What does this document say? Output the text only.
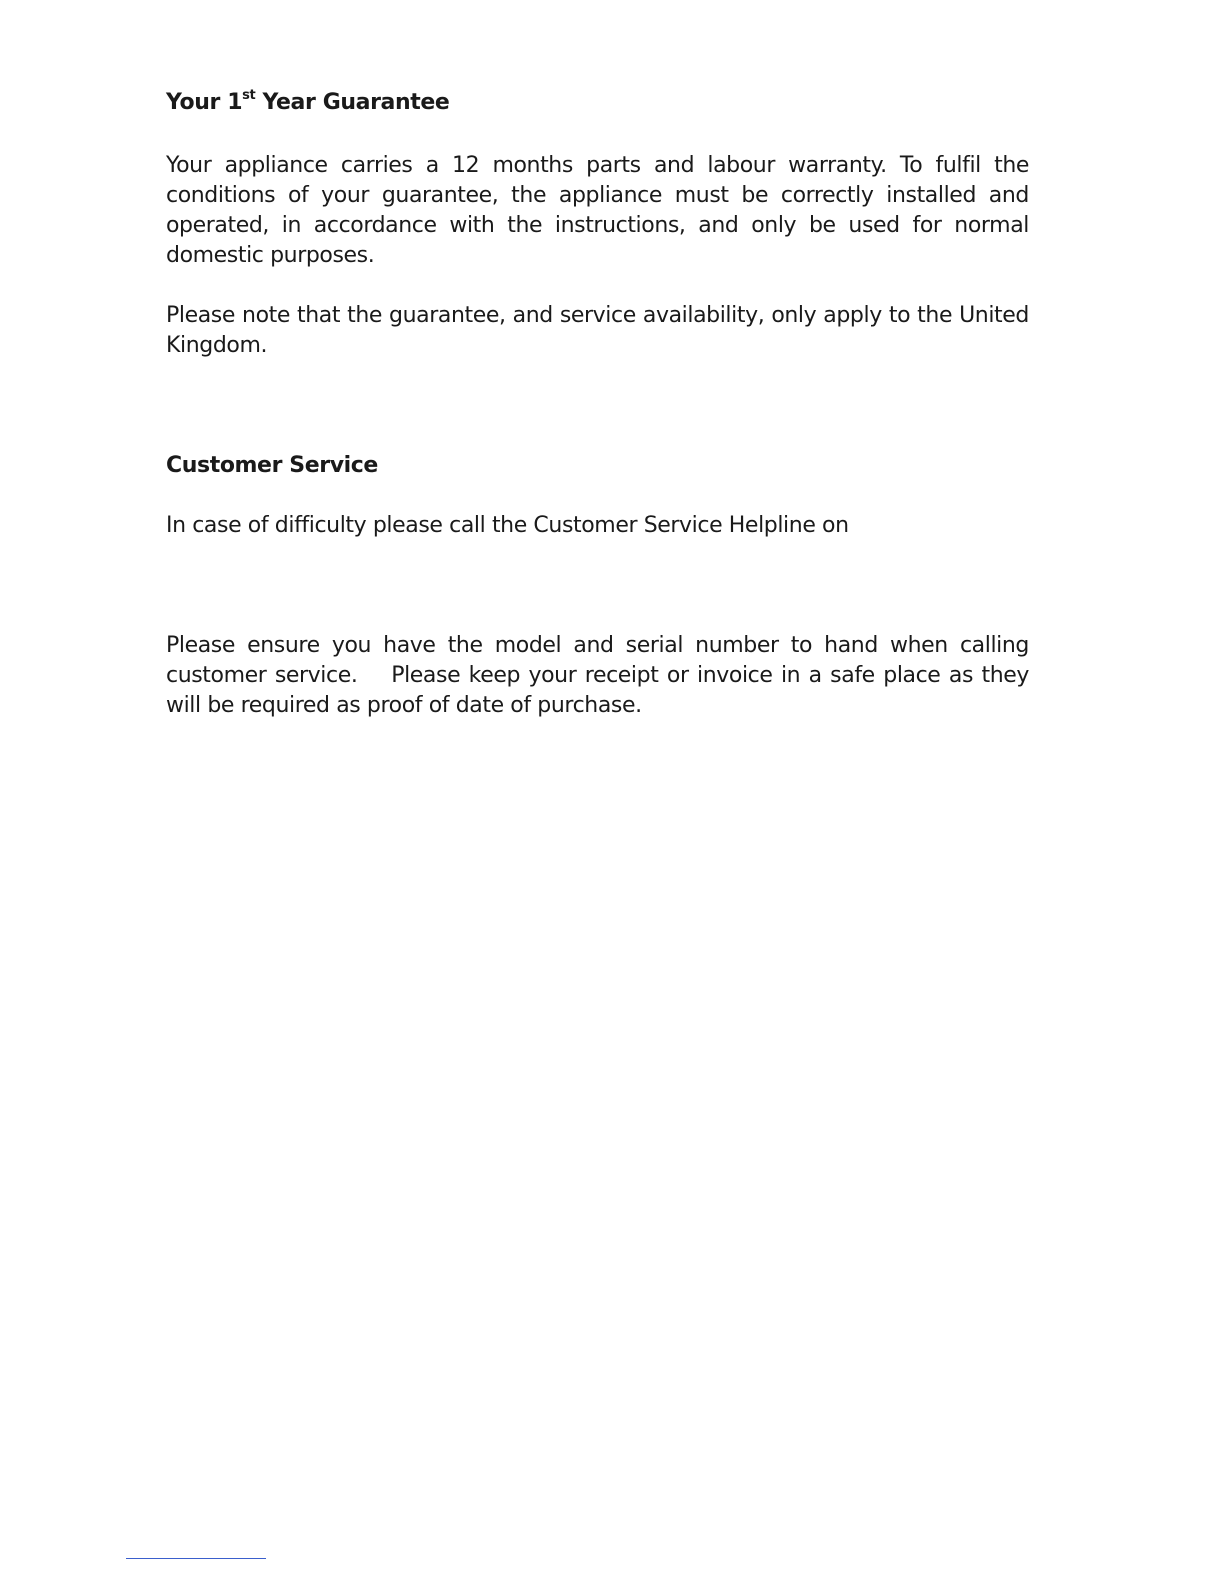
Your 1st Year Guarantee

Your appliance carries a 12 months parts and labour warranty. To fulfil the conditions of your guarantee, the appliance must be correctly installed and operated, in accordance with the instructions, and only be used for normal domestic purposes.

Please note that the guarantee, and service availability, only apply to the United Kingdom.

Customer Service

In case of difficulty please call the Customer Service Helpline on

Please ensure you have the model and serial number to hand when calling customer service.    Please keep your receipt or invoice in a safe place as they will be required as proof of date of purchase.
